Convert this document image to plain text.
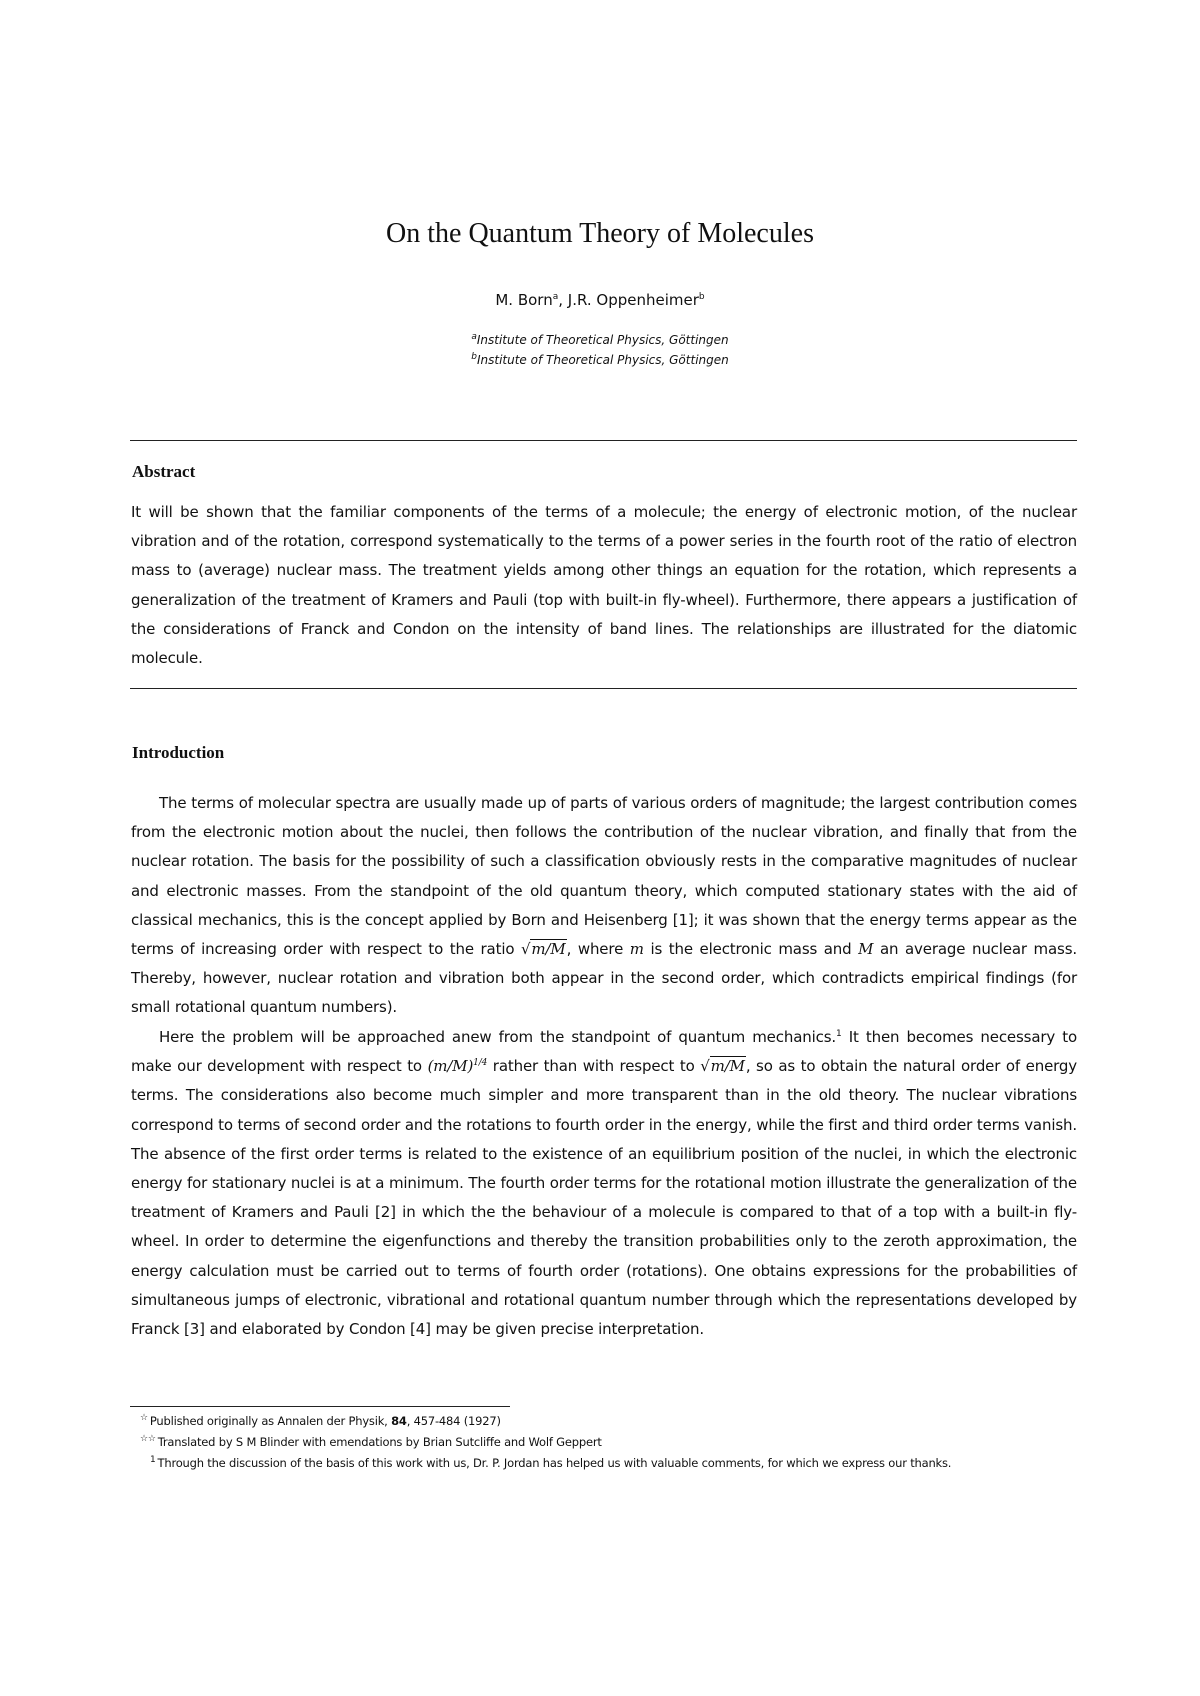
On the Quantum Theory of Molecules
M. Born$^a$, J.R. Oppenheimer$^b$
$^a$Institute of Theoretical Physics, Göttingen
$^b$Institute of Theoretical Physics, Göttingen
Abstract

It will be shown that the familiar components of the terms of a molecule; the energy of electronic motion, of the nuclear vibration and of the rotation, correspond systematically to the terms of a power series in the fourth root of the ratio of electron mass to (average) nuclear mass. The treatment yields among other things an equation for the rotation, which represents a generalization of the treatment of Kramers and Pauli (top with built-in fly-wheel). Furthermore, there appears a justification of the considerations of Franck and Condon on the intensity of band lines. The relationships are illustrated for the diatomic molecule.

Introduction

The terms of molecular spectra are usually made up of parts of various orders of magnitude; the largest contribution comes from the electronic motion about the nuclei, then follows the contribution of the nuclear vibration, and finally that from the nuclear rotation. The basis for the possibility of such a classification obviously rests in the comparative magnitudes of nuclear and electronic masses. From the standpoint of the old quantum theory, which computed stationary states with the aid of classical mechanics, this is the concept applied by Born and Heisenberg [1]; it was shown that the energy terms appear as the terms of increasing order with respect to the ratio √m/M, where m is the electronic mass and M an average nuclear mass. Thereby, however, nuclear rotation and vibration both appear in the second order, which contradicts empirical findings (for small rotational quantum numbers).

Here the problem will be approached anew from the standpoint of quantum mechanics.$^1$ It then becomes necessary to make our development with respect to $(m/M)^{1/4}$ rather than with respect to √m/M, so as to obtain the natural order of energy terms. The considerations also become much simpler and more transparent than in the old theory. The nuclear vibrations correspond to terms of second order and the rotations to fourth order in the energy, while the first and third order terms vanish. The absence of the first order terms is related to the existence of an equilibrium position of the nuclei, in which the electronic energy for stationary nuclei is at a minimum. The fourth order terms for the rotational motion illustrate the generalization of the treatment of Kramers and Pauli [2] in which the the behaviour of a molecule is compared to that of a top with a built-in fly-wheel. In order to determine the eigenfunctions and thereby the transition probabilities only to the zeroth approximation, the energy calculation must be carried out to terms of fourth order (rotations). One obtains expressions for the probabilities of simultaneous jumps of electronic, vibrational and rotational quantum number through which the representations developed by Franck [3] and elaborated by Condon [4] may be given precise interpretation.

☆ Published originally as Annalen der Physik, 84, 457-484 (1927)
☆☆ Translated by S M Blinder with emendations by Brian Sutcliffe and Wolf Geppert
$^1$ Through the discussion of the basis of this work with us, Dr. P. Jordan has helped us with valuable comments, for which we express our thanks.
